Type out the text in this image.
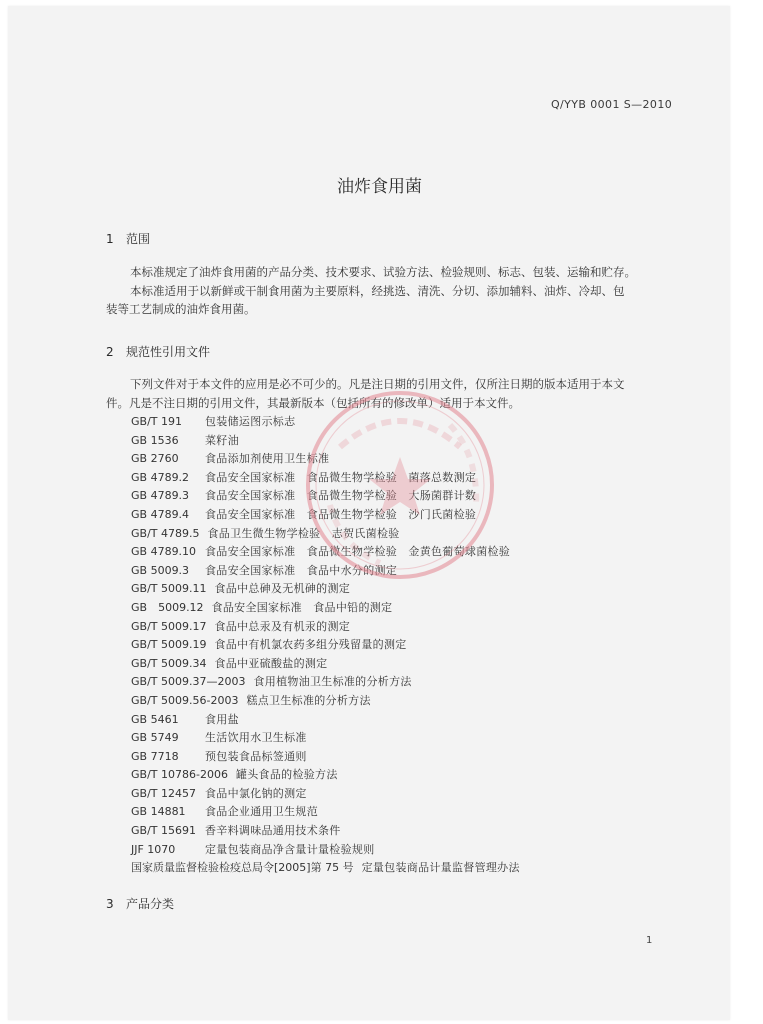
Q/YYB 0001 S—2010
油炸食用菌
1 范围
本标准规定了油炸食用菌的产品分类、技术要求、试验方法、检验规则、标志、包装、运输和贮存。
本标准适用于以新鲜或干制食用菌为主要原料，经挑选、清洗、分切、添加辅料、油炸、冷却、包
装等工艺制成的油炸食用菌。
2 规范性引用文件
下列文件对于本文件的应用是必不可少的。凡是注日期的引用文件，仅所注日期的版本适用于本文
件。凡是不注日期的引用文件，其最新版本（包括所有的修改单）适用于本文件。
GB/T 191 包装储运图示标志
GB 1536 菜籽油
GB 2760 食品添加剂使用卫生标准
GB 4789.2 食品安全国家标准　食品微生物学检验　菌落总数测定
GB 4789.3 食品安全国家标准　食品微生物学检验　大肠菌群计数
GB 4789.4 食品安全国家标准　食品微生物学检验　沙门氏菌检验
GB/T 4789.5 食品卫生微生物学检验　志贺氏菌检验
GB 4789.10 食品安全国家标准　食品微生物学检验　金黄色葡萄球菌检验
GB 5009.3 食品安全国家标准　食品中水分的测定
GB/T 5009.11 食品中总砷及无机砷的测定
GB　5009.12 食品安全国家标准　食品中铅的测定
GB/T 5009.17 食品中总汞及有机汞的测定
GB/T 5009.19 食品中有机氯农药多组分残留量的测定
GB/T 5009.34 食品中亚硫酸盐的测定
GB/T 5009.37—2003 食用植物油卫生标准的分析方法
GB/T 5009.56-2003 糕点卫生标准的分析方法
GB 5461 食用盐
GB 5749 生活饮用水卫生标准
GB 7718 预包装食品标签通则
GB/T 10786-2006 罐头食品的检验方法
GB/T 12457 食品中氯化钠的测定
GB 14881 食品企业通用卫生规范
GB/T 15691 香辛料调味品通用技术条件
JJF 1070	定量包装商品净含量计量检验规则
国家质量监督检验检疫总局令[2005]第 75 号 定量包装商品计量监督管理办法
3 产品分类
1
